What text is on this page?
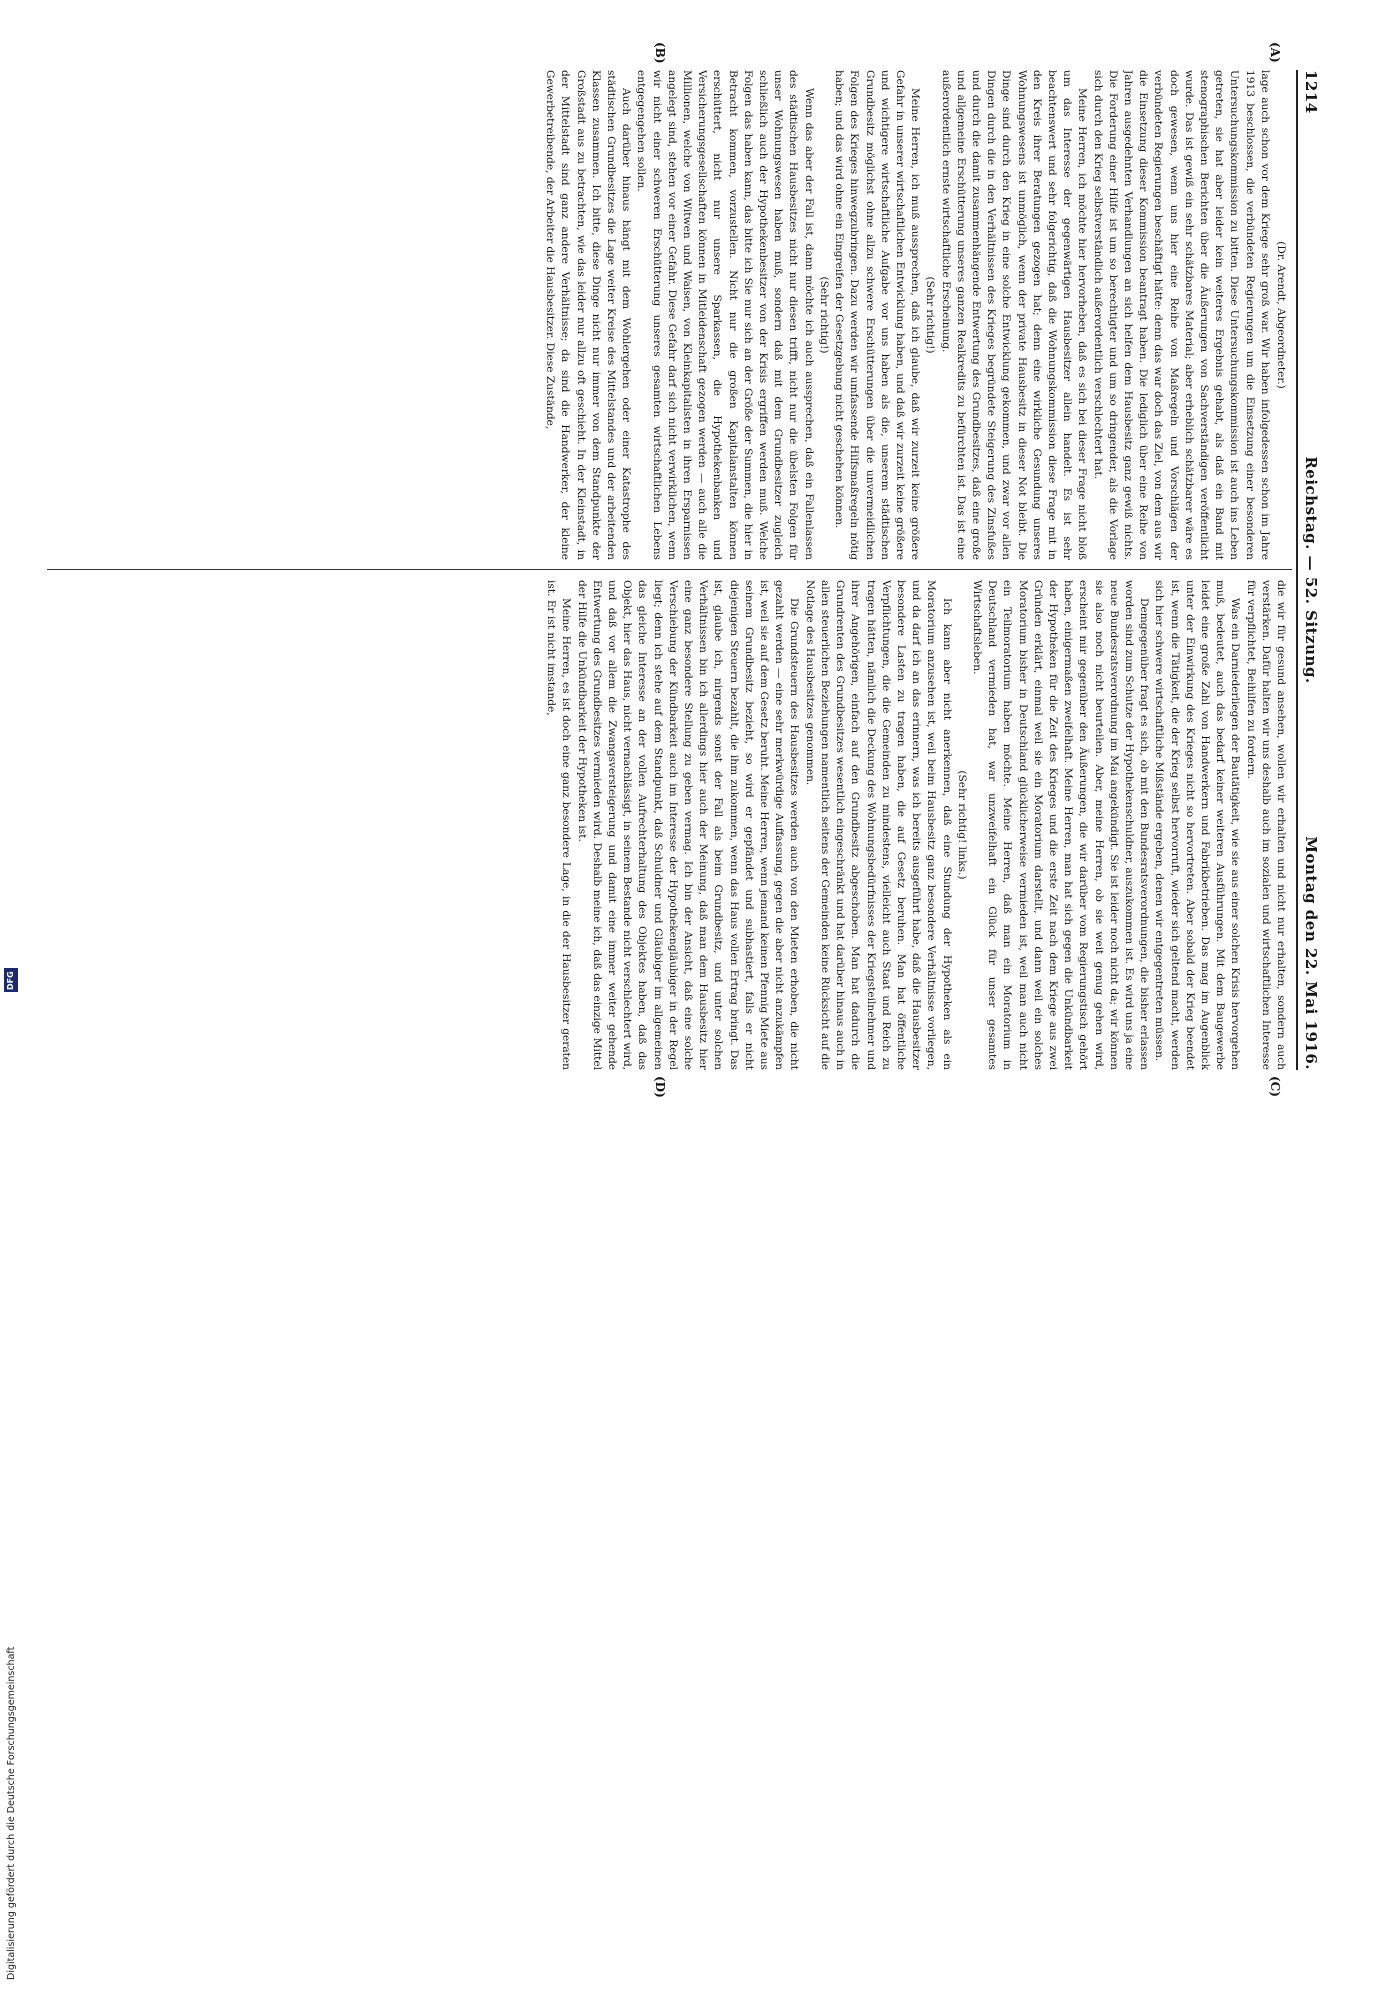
1214
Reichstag. — 52. Sitzung.
Montag den 22. Mai 1916.

(Dr. Arendt, Abgeordneter.)

lage auch schon vor dem Kriege sehr groß war. Wir haben infolgedessen schon im Jahre 1913 beschlossen, die verbündeten Regierungen um die Einsetzung einer besonderen Untersuchungskommission zu bitten. Diese Untersuchungskommission ist auch ins Leben getreten, sie hat aber leider kein weiteres Ergebnis gehabt, als daß ein Band mit stenographischen Berichten über die Äußerungen von Sachverständigen veröffentlicht wurde. Das ist gewiß ein sehr schätzbares Material; aber erheblich schätzbarer wäre es doch gewesen, wenn uns hier eine Reihe von Maßregeln und Vorschlägen der verbündeten Regierungen beschäftigt hätte: denn das war doch das Ziel, von dem aus wir die Einsetzung dieser Kommission beantragt haben. Die lediglich über eine Reihe von Jahren ausgedehnten Verhandlungen an sich helfen dem Hausbesitz ganz gewiß nichts. Die Forderung einer Hilfe ist um so berechtigter und um so dringender, als die Vorlage sich durch den Krieg selbstverständlich außerordentlich verschlechtert hat.

Meine Herren, ich möchte hier hervorheben, daß es sich bei dieser Frage nicht bloß um das Interesse der gegenwärtigen Hausbesitzer allein handelt. Es ist sehr beachtenswert und sehr folgerichtig, daß die Wohnungskommission diese Frage mit in den Kreis ihrer Beratungen gezogen hat; denn eine wirkliche Gesundung unseres Wohnungswesens ist unmöglich, wenn der private Hausbesitz in dieser Not bleibt. Die Dinge sind durch den Krieg in eine solche Entwicklung gekommen, und zwar vor allen Dingen durch die in den Verhältnissen des Krieges begründete Steigerung des Zinsfußes und durch die damit zusammenhängende Entwertung des Grundbesitzes, daß eine große und allgemeine Erschütterung unseres ganzen Realkredits zu befürchten ist. Das ist eine außerordentlich ernste wirtschaftliche Erscheinung.

(Sehr richtig!)

Meine Herren, ich muß aussprechen, daß ich glaube, daß wir zurzeit keine größere Gefahr in unserer wirtschaftlichen Entwicklung haben, und daß wir zurzeit keine größere und wichtigere wirtschaftliche Aufgabe vor uns haben als die, unserem städtischen Grundbesitz möglichst ohne allzu schwere Erschütterungen über die unvermeidlichen Folgen des Krieges hinwegzubringen. Dazu werden wir umfassende Hilfsmaßregeln nötig haben; und das wird ohne ein Eingreifen der Gesetzgebung nicht geschehen können.

(Sehr richtig!)

Wenn das aber der Fall ist, dann möchte ich auch aussprechen, daß ein Fallenlassen des städtischen Hausbesitzes nicht nur diesen trifft, nicht nur die übelsten Folgen für unser Wohnungswesen haben muß, sondern daß mit dem Grundbesitzer zugleich schließlich auch der Hypothekenbesitzer von der Krisis ergriffen werden muß. Welche Folgen das haben kann, das bitte ich Sie nur sich an der Größe der Summen, die hier in Betracht kommen, vorzustellen. Nicht nur die großen Kapitalanstalten können erschüttert, nicht nur unsere Sparkassen, die Hypothekenbanken und Versicherungsgesellschaften können in Mitleidenschaft gezogen werden — auch alle die Millionen, welche von Witwen und Waisen, von Kleinkapitalisten in ihren Ersparnissen angelegt sind, stehen vor einer Gefahr. Diese Gefahr darf sich nicht verwirklichen, wenn wir nicht einer schweren Erschütterung unseres gesamten wirtschaftlichen Lebens entgegengehen sollen.

Auch darüber hinaus hängt mit dem Wohlergehen oder einer Katastrophe des städtischen Grundbesitzes die Lage weiter Kreise des Mittelstandes und der arbeitenden Klassen zusammen. Ich bitte, diese Dinge nicht nur immer von dem Standpunkte der Großstadt aus zu betrachten, wie das leider nur allzu oft geschieht. In der Kleinstadt, in der Mittelstadt sind ganz andere Verhältnisse; da sind die Handwerker, der kleine Gewerbetreibende, der Arbeiter die Hausbesitzer. Diese Zustände,

die wir für gesund ansehen, wollen wir erhalten und nicht nur erhalten, sondern auch verstärken. Dafür halten wir uns deshalb auch im sozialen und wirtschaftlichen Interesse für verpflichtet, Beihilfen zu fordern.

Was ein Darniederliegen der Bautätigkeit, wie sie aus einer solchen Krisis hervorgehen muß, bedeutet, auch das bedarf keiner weiteren Ausführungen. Mit dem Baugewerbe leidet eine große Zahl von Handwerkern und Fabrikbetrieben. Das mag im Augenblick unter der Einwirkung des Krieges nicht so hervortreten. Aber sobald der Krieg beendet ist, wenn die Tätigkeit, die der Krieg selbst hervorruft, wieder sich geltend macht, werden sich hier schwere wirtschaftliche Mißstände ergeben, denen wir entgegentreten müssen.

Demgegenüber fragt es sich, ob mit den Bundesratsverordnungen, die bisher erlassen worden sind zum Schutze der Hypothekenschuldner, auszukommen ist. Es wird uns ja eine neue Bundesratsverordnung im Mai angekündigt. Sie ist leider noch nicht da; wir können sie also noch nicht beurteilen. Aber, meine Herren, ob sie weit genug gehen wird, erscheint mir gegenüber den Äußerungen, die wir darüber vom Regierungstisch gehört haben, einigermaßen zweifelhaft. Meine Herren, man hat sich gegen die Unkündbarkeit der Hypotheken für die Zeit des Krieges und die erste Zeit nach dem Kriege aus zwei Gründen erklärt, einmal weil sie ein Moratorium darstellt, und dann weil ein solches Moratorium bisher in Deutschland glücklicherweise vermieden ist, weil man auch nicht ein Teilmoratorium haben möchte. Meine Herren, daß man ein Moratorium in Deutschland vermieden hat, war unzweifelhaft ein Glück für unser gesamtes Wirtschaftsleben.

(Sehr richtig! links.)

Ich kann aber nicht anerkennen, daß eine Stundung der Hypotheken als ein Moratorium anzusehen ist, weil beim Hausbesitz ganz besondere Verhältnisse vorliegen, und da darf ich an das erinnern, was ich bereits ausgeführt habe, daß die Hausbesitzer besondere Lasten zu tragen haben, die auf Gesetz beruhen. Man hat öffentliche Verpflichtungen, die die Gemeinden zu mindestens, vielleicht auch Staat und Reich zu tragen hätten, nämlich die Deckung des Wohnungsbedürfnisses der Kriegsteilnehmer und ihrer Angehörigen, einfach auf den Grundbesitz abgeschoben. Man hat dadurch die Grundrenten des Grundbesitzes wesentlich eingeschränkt und hat darüber hinaus auch in allen steuerlichen Beziehungen namentlich seitens der Gemeinden keine Rücksicht auf die Notlage des Hausbesitzes genommen.

Die Grundsteuern des Hausbesitzes werden auch von den Mieten erhoben, die nicht gezahlt werden — eine sehr merkwürdige Auffassung, gegen die aber nicht anzukämpfen ist, weil sie auf dem Gesetz beruht. Meine Herren, wenn jemand keinen Pfennig Miete aus seinem Grundbesitz bezieht, so wird er gepfändet und subhastiert, falls er nicht diejenigen Steuern bezahlt, die ihm zukommen, wenn das Haus vollen Ertrag bringt. Das ist, glaube ich, nirgends sonst der Fall als beim Grundbesitz, und unter solchen Verhältnissen bin ich allerdings hier auch der Meinung, daß man dem Hausbesitz hier eine ganz besondere Stellung zu geben vermag. Ich bin der Ansicht, daß eine solche Verschiebung der Kündbarkeit auch im Interesse der Hypothekengläubiger in der Regel liegt; denn ich stehe auf dem Standpunkt, daß Schuldner und Gläubiger im allgemeinen das gleiche Interesse an der vollen Aufrechterhaltung des Objektes haben, daß das Objekt, hier das Haus, nicht vernachlässigt, in seinem Bestande nicht verschlechtert wird, und daß vor allem die Zwangsversteigerung und damit eine immer weiter gehende Entwertung des Grundbesitzes vermieden wird. Deshalb meine ich, daß das einzige Mittel der Hilfe die Unkündbarkeit der Hypotheken ist.

Meine Herren, es ist doch eine ganz besondere Lage, in die der Hausbesitzer geraten ist. Er ist nicht imstande,

(A)
(B)
(C)
(D)
Digitalisierung gefördert durch die Deutsche Forschungsgemeinschaft
DFG
